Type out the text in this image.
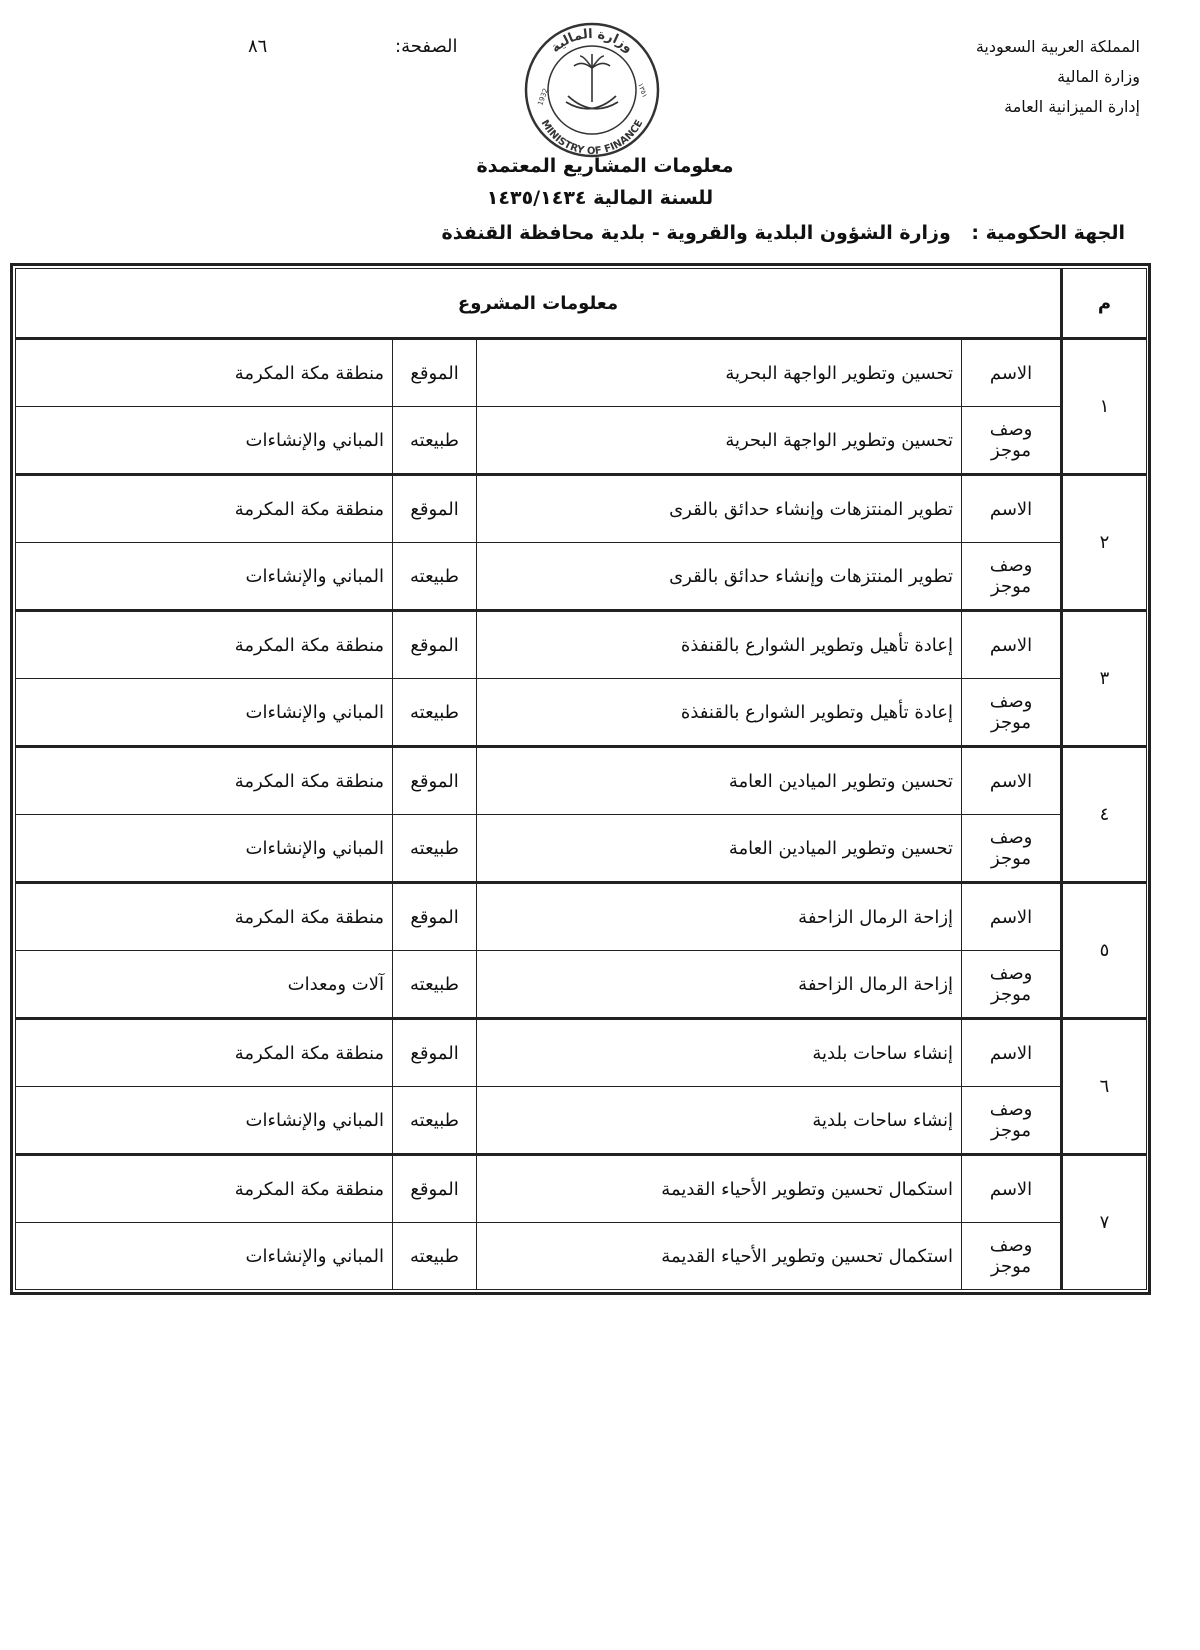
المملكة العربية السعودية
وزارة المالية
إدارة الميزانية العامة
الصفحة:
٨٦	وزارة المالية
MINISTRY OF FINANCE
1932	١٣٥١
معلومات المشاريع المعتمدة
للسنة المالية ١٤٣٥/١٤٣٤
الجهة الحكومية : وزارة الشؤون البلدية والقروية - بلدية محافظة القنفذة
م	معلومات المشروع			
١	الاسم	تحسين وتطوير الواجهة البحرية	الموقع	منطقة مكة المكرمة
	وصف موجز	تحسين وتطوير الواجهة البحرية	طبيعته	المباني والإنشاءات
٢	الاسم	تطوير المنتزهات وإنشاء حدائق بالقرى	الموقع	منطقة مكة المكرمة
	وصف موجز	تطوير المنتزهات وإنشاء حدائق بالقرى	طبيعته	المباني والإنشاءات
٣	الاسم	إعادة تأهيل وتطوير الشوارع بالقنفذة	الموقع	منطقة مكة المكرمة
	وصف موجز	إعادة تأهيل وتطوير الشوارع بالقنفذة	طبيعته	المباني والإنشاءات
٤	الاسم	تحسين وتطوير الميادين العامة	الموقع	منطقة مكة المكرمة
	وصف موجز	تحسين وتطوير الميادين العامة	طبيعته	المباني والإنشاءات
٥	الاسم	إزاحة الرمال الزاحفة	الموقع	منطقة مكة المكرمة
	وصف موجز	إزاحة الرمال الزاحفة	طبيعته	آلات ومعدات
٦	الاسم	إنشاء ساحات بلدية	الموقع	منطقة مكة المكرمة
	وصف موجز	إنشاء ساحات بلدية	طبيعته	المباني والإنشاءات
٧	الاسم	استكمال تحسين وتطوير الأحياء القديمة	الموقع	منطقة مكة المكرمة
	وصف موجز	استكمال تحسين وتطوير الأحياء القديمة	طبيعته	المباني والإنشاءات
